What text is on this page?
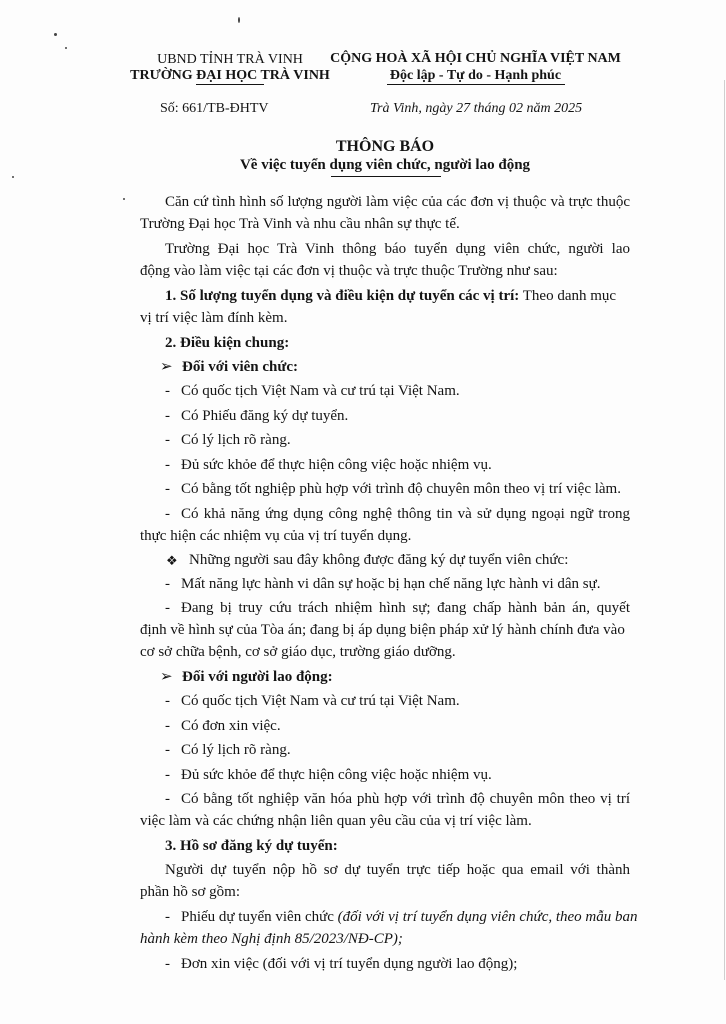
UBND TỈNH TRÀ VINH
TRƯỜNG ĐẠI HỌC TRÀ VINH
CỘNG HOÀ XÃ HỘI CHỦ NGHĨA VIỆT NAM
Độc lập - Tự do - Hạnh phúc
Số: 661/TB-ĐHTV	Trà Vinh, ngày 27 tháng 02 năm 2025
THÔNG BÁO
Về việc tuyển dụng viên chức, người lao động
Căn cứ tình hình số lượng người làm việc của các đơn vị thuộc và trực thuộc
Trường Đại học Trà Vinh và nhu cầu nhân sự thực tế.
Trường Đại học Trà Vinh thông báo tuyển dụng viên chức, người lao
động vào làm việc tại các đơn vị thuộc và trực thuộc Trường như sau:
1. Số lượng tuyển dụng và điều kiện dự tuyển các vị trí: Theo danh mục
vị trí việc làm đính kèm.
2. Điều kiện chung:
➢ Đối với viên chức:
- Có quốc tịch Việt Nam và cư trú tại Việt Nam.
- Có Phiếu đăng ký dự tuyển.
- Có lý lịch rõ ràng.
- Đủ sức khỏe để thực hiện công việc hoặc nhiệm vụ.
- Có bằng tốt nghiệp phù hợp với trình độ chuyên môn theo vị trí việc làm.
- Có khả năng ứng dụng công nghệ thông tin và sử dụng ngoại ngữ trong
thực hiện các nhiệm vụ của vị trí tuyển dụng.
❖ Những người sau đây không được đăng ký dự tuyển viên chức:
- Mất năng lực hành vi dân sự hoặc bị hạn chế năng lực hành vi dân sự.
- Đang bị truy cứu trách nhiệm hình sự; đang chấp hành bản án, quyết
định về hình sự của Tòa án; đang bị áp dụng biện pháp xử lý hành chính đưa vào
cơ sở chữa bệnh, cơ sở giáo dục, trường giáo dưỡng.
➢ Đối với người lao động:
- Có quốc tịch Việt Nam và cư trú tại Việt Nam.
- Có đơn xin việc.
- Có lý lịch rõ ràng.
- Đủ sức khỏe để thực hiện công việc hoặc nhiệm vụ.
- Có bằng tốt nghiệp văn hóa phù hợp với trình độ chuyên môn theo vị trí
việc làm và các chứng nhận liên quan yêu cầu của vị trí việc làm.
3. Hồ sơ đăng ký dự tuyển:
Người dự tuyển nộp hồ sơ dự tuyển trực tiếp hoặc qua email với thành
phần hồ sơ gồm:
- Phiếu dự tuyển viên chức (đối với vị trí tuyển dụng viên chức, theo mẫu ban
hành kèm theo Nghị định 85/2023/NĐ-CP);
- Đơn xin việc (đối với vị trí tuyển dụng người lao động);
